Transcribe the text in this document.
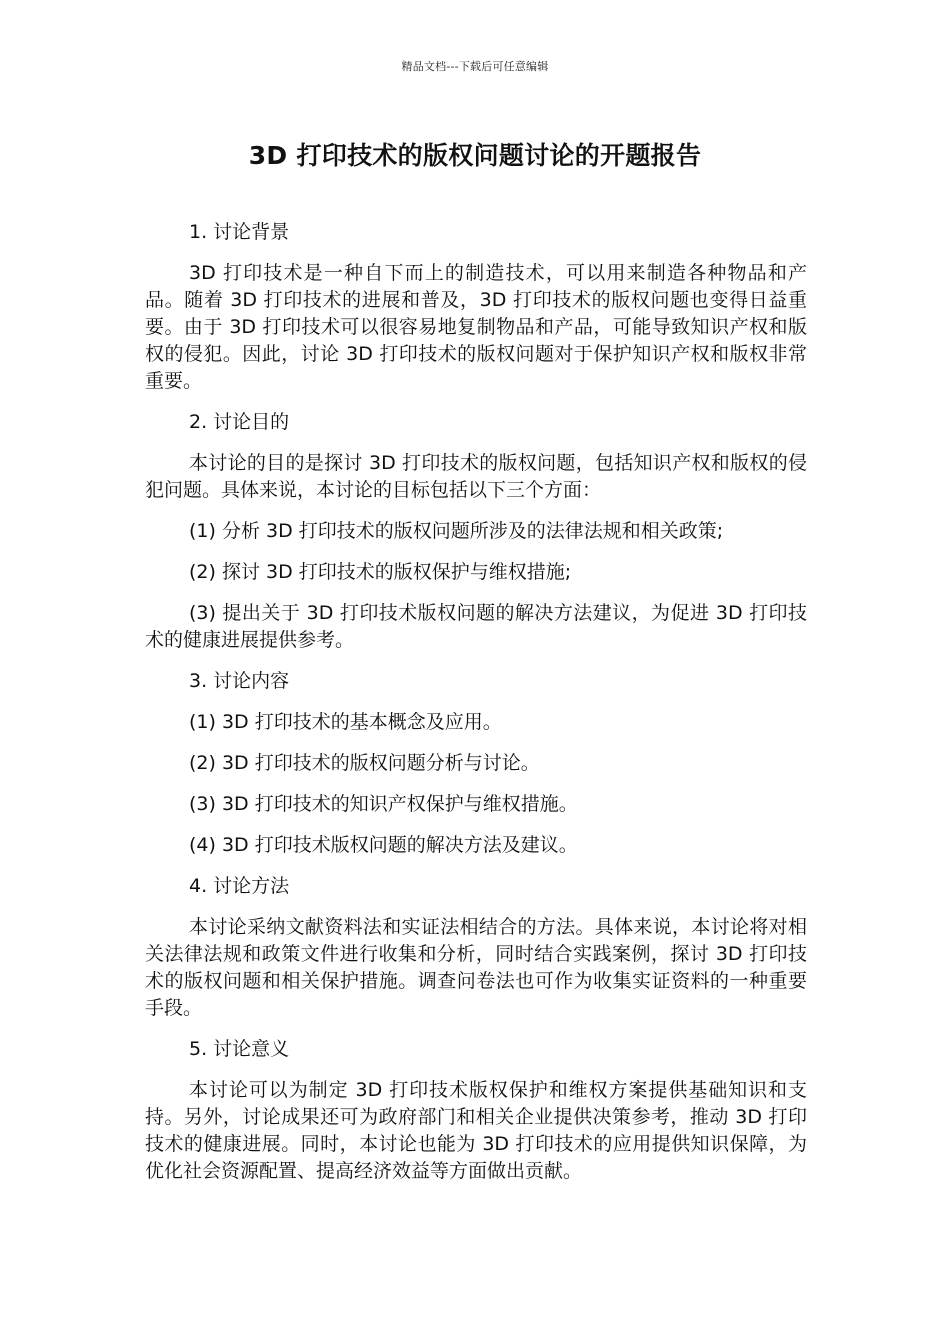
精品文档---下载后可任意编辑
3D 打印技术的版权问题讨论的开题报告

1. 讨论背景

3D 打印技术是一种自下而上的制造技术，可以用来制造各种物品和产品。随着 3D 打印技术的进展和普及，3D 打印技术的版权问题也变得日益重要。由于 3D 打印技术可以很容易地复制物品和产品，可能导致知识产权和版权的侵犯。因此，讨论 3D 打印技术的版权问题对于保护知识产权和版权非常重要。

2. 讨论目的

本讨论的目的是探讨 3D 打印技术的版权问题，包括知识产权和版权的侵犯问题。具体来说，本讨论的目标包括以下三个方面：

(1) 分析 3D 打印技术的版权问题所涉及的法律法规和相关政策;

(2) 探讨 3D 打印技术的版权保护与维权措施;

(3) 提出关于 3D 打印技术版权问题的解决方法建议，为促进 3D 打印技术的健康进展提供参考。

3. 讨论内容

(1) 3D 打印技术的基本概念及应用。

(2) 3D 打印技术的版权问题分析与讨论。

(3) 3D 打印技术的知识产权保护与维权措施。

(4) 3D 打印技术版权问题的解决方法及建议。

4. 讨论方法

本讨论采纳文献资料法和实证法相结合的方法。具体来说，本讨论将对相关法律法规和政策文件进行收集和分析，同时结合实践案例，探讨 3D 打印技术的版权问题和相关保护措施。调查问卷法也可作为收集实证资料的一种重要手段。

5. 讨论意义

本讨论可以为制定 3D 打印技术版权保护和维权方案提供基础知识和支持。另外，讨论成果还可为政府部门和相关企业提供决策参考，推动 3D 打印技术的健康进展。同时，本讨论也能为 3D 打印技术的应用提供知识保障，为优化社会资源配置、提高经济效益等方面做出贡献。
